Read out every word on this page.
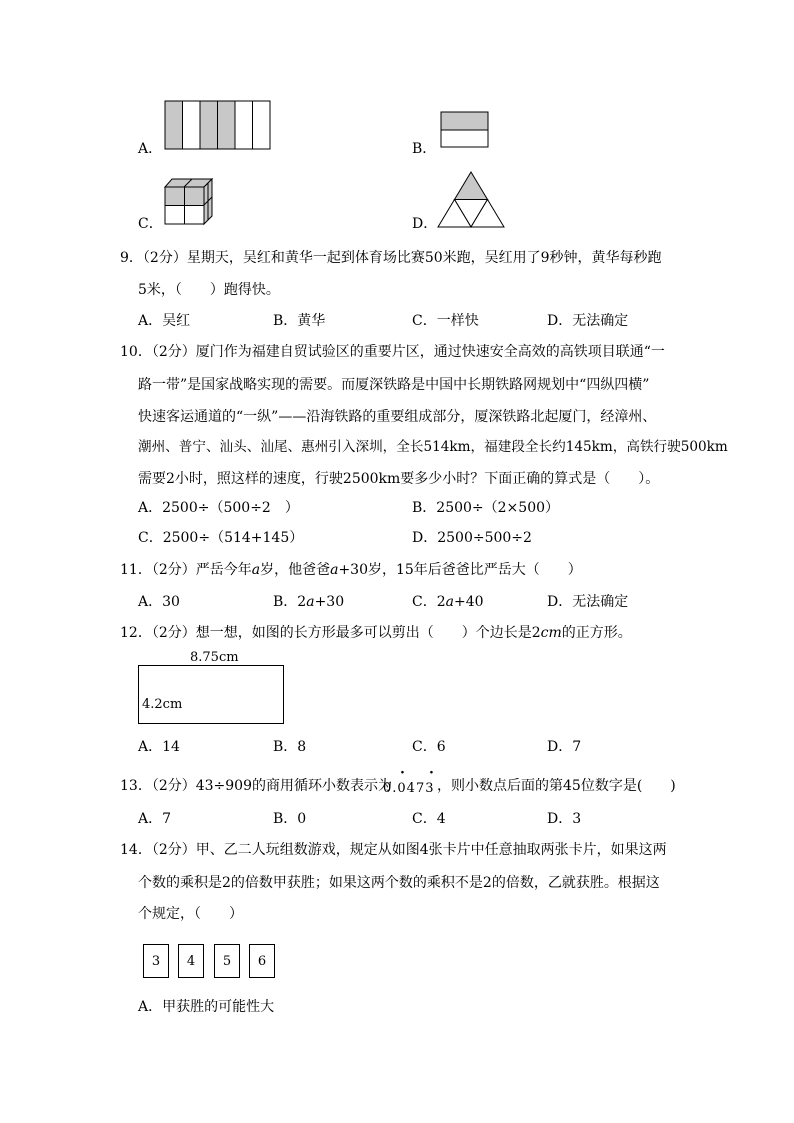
A．	B．
C．	D．
9．（2分）星期天，吴红和黄华一起到体育场比赛50米跑，吴红用了9秒钟，黄华每秒跑
5米，（　　）跑得快。
A．吴红	B．黄华	C．一样快	D．无法确定
10．（2分）厦门作为福建自贸试验区的重要片区，通过快速安全高效的高铁项目联通“一
路一带”是国家战略实现的需要。而厦深铁路是中国中长期铁路网规划中“四纵四横”
快速客运通道的“一纵”——沿海铁路的重要组成部分，厦深铁路北起厦门，经漳州、
潮州、普宁、汕头、汕尾、惠州引入深圳，全长514km，福建段全长约145km，高铁行驶500km
需要2小时，照这样的速度，行驶2500km要多少小时？下面正确的算式是（　　）。
A．2500÷（500÷2　）	B．2500÷（2×500）
C．2500÷（514+145）	D．2500÷500÷2
11．（2分）严岳今年a岁，他爸爸a+30岁，15年后爸爸比严岳大（　　）
A．30	B．2a+30	C．2a+40	D．无法确定
12．（2分）想一想，如图的长方形最多可以剪出（　　）个边长是2cm的正方形。
8.75cm
4.2cm
A．14	B．8	C．6	D．7
13．（2分）43÷909的商用循环小数表示为
0.0473
· ·
，则小数点后面的第45位数字是(　　)
A．7	B．0	C．4	D．3
14．（2分）甲、乙二人玩组数游戏，规定从如图4张卡片中任意抽取两张卡片，如果这两
个数的乘积是2的倍数甲获胜；如果这两个数的乘积不是2的倍数，乙就获胜。根据这
个规定，（　　）
3	4	5	6
A．甲获胜的可能性大
